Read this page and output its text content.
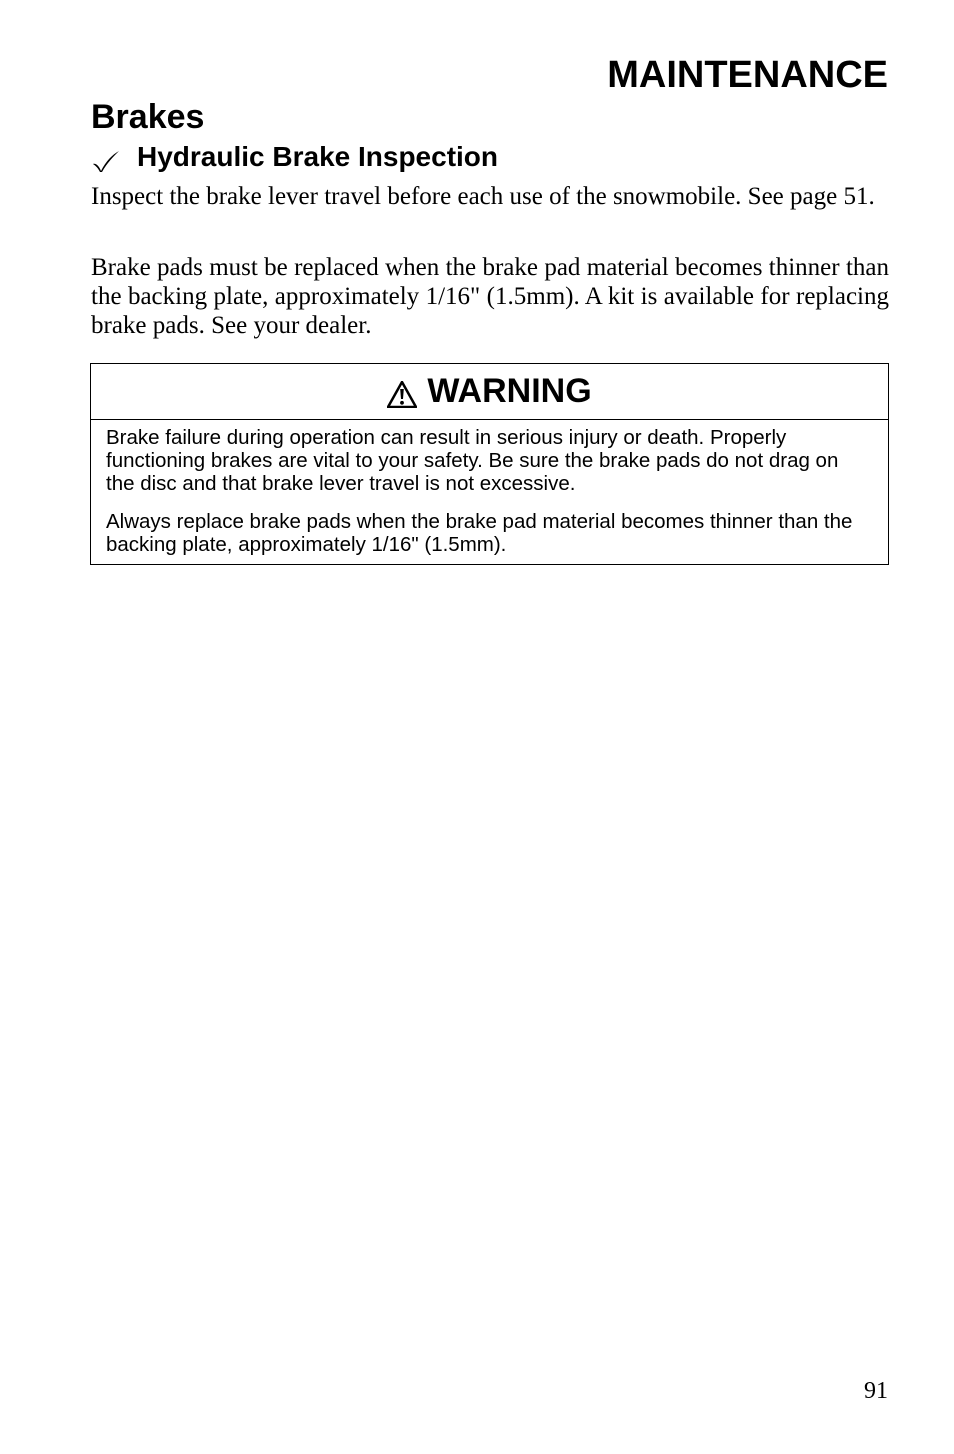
MAINTENANCE
Brakes
Hydraulic Brake Inspection

Inspect the brake lever travel before each use of the snowmobile. See page 51.

Brake pads must be replaced when the brake pad material becomes thinner than the backing plate, approximately 1/16" (1.5mm). A kit is available for replacing brake pads. See your dealer.

WARNING

Brake failure during operation can result in serious injury or death. Properly functioning brakes are vital to your safety. Be sure the brake pads do not drag on the disc and that brake lever travel is not excessive.

Always replace brake pads when the brake pad material becomes thinner than the backing plate, approximately 1/16" (1.5mm).

91
